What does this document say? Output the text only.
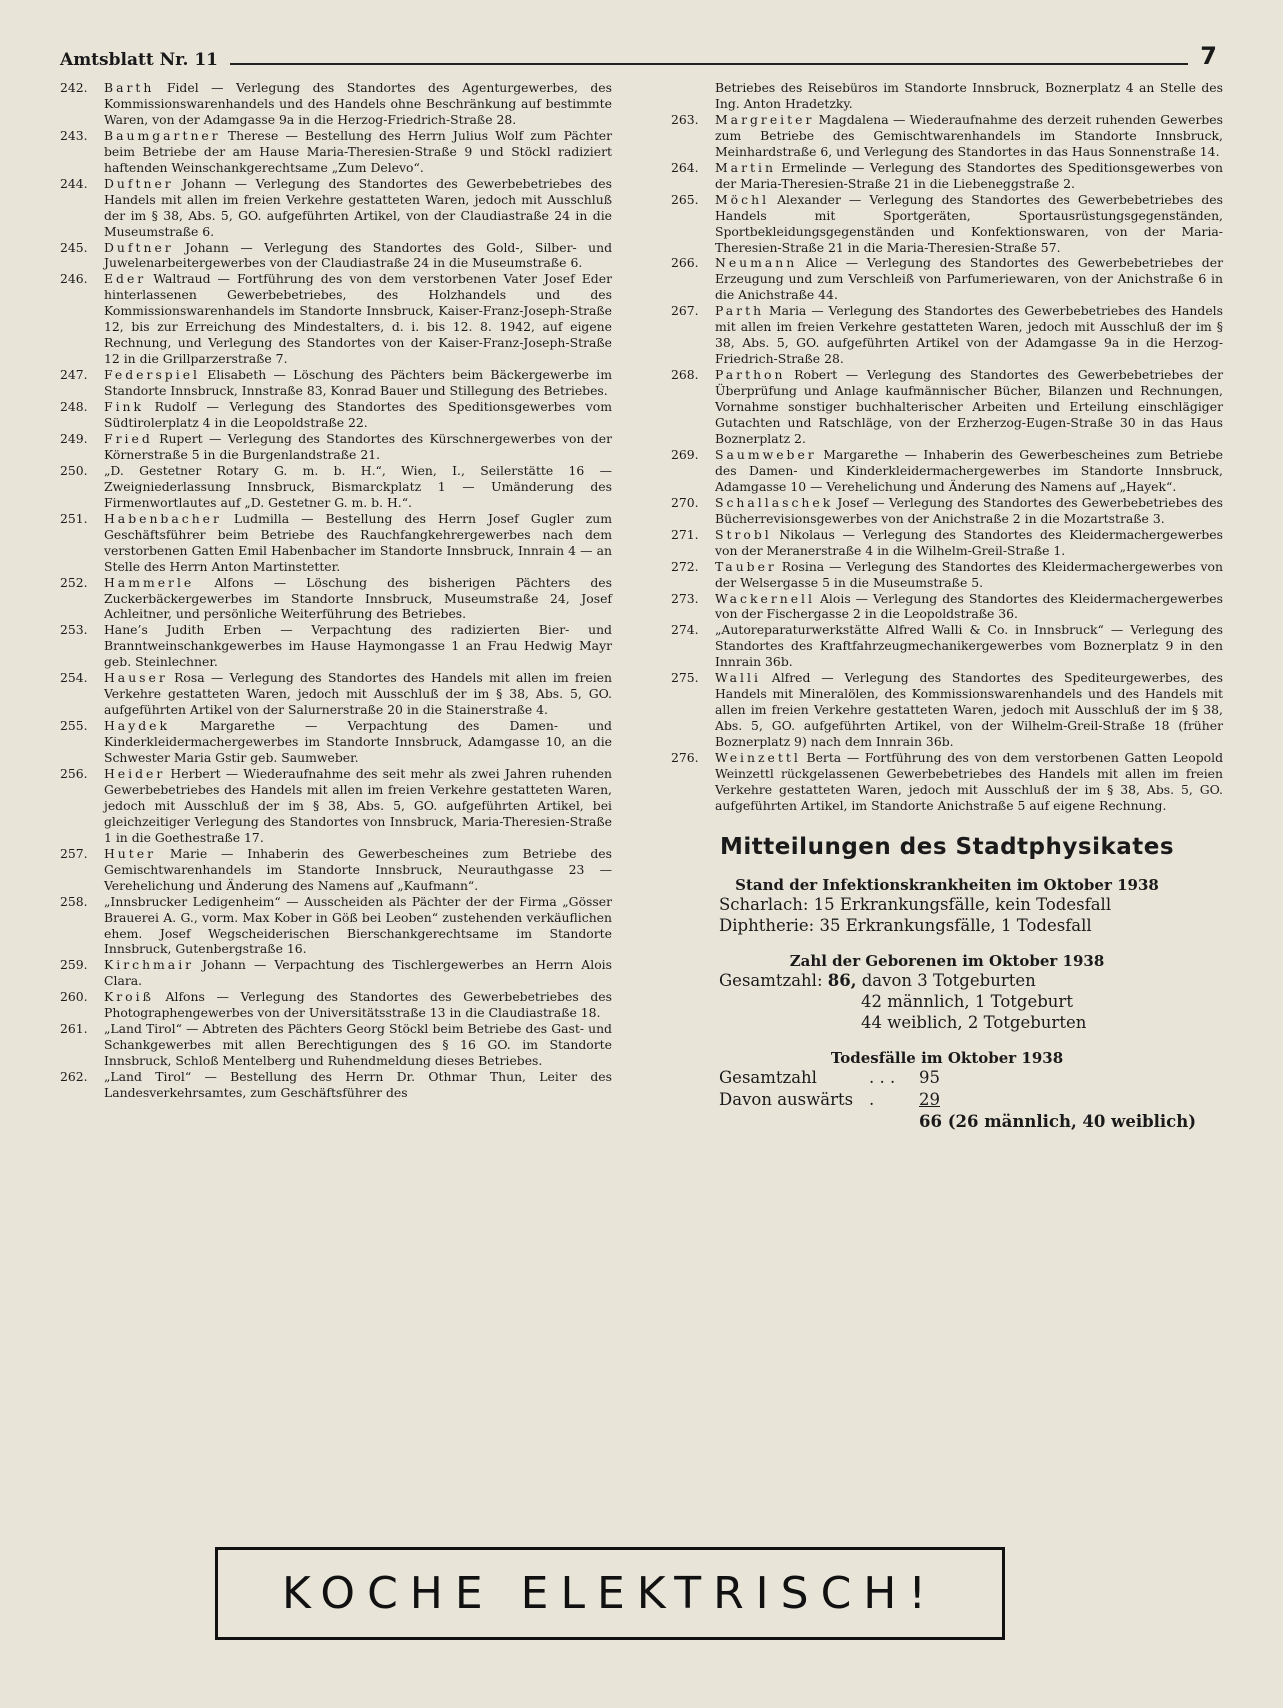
Amtsblatt Nr. 11	7
242.	Barth Fidel — Verlegung des Standortes des Agenturgewerbes, des Kommissionswarenhandels und des Handels ohne Beschränkung auf bestimmte Waren, von der Adamgasse 9a in die Herzog-Friedrich-Straße 28.
243.	Baumgartner Therese — Bestellung des Herrn Julius Wolf zum Pächter beim Betriebe der am Hause Maria-Theresien-Straße 9 und Stöckl radiziert haftenden Weinschankgerechtsame „Zum Delevo“.
244.	Duftner Johann — Verlegung des Standortes des Gewerbebetriebes des Handels mit allen im freien Verkehre gestatteten Waren, jedoch mit Ausschluß der im § 38, Abs. 5, GO. aufgeführten Artikel, von der Claudiastraße 24 in die Museumstraße 6.
245.	Duftner Johann — Verlegung des Standortes des Gold-, Silber- und Juwelenarbeitergewerbes von der Claudiastraße 24 in die Museumstraße 6.
246.	Eder Waltraud — Fortführung des von dem verstorbenen Vater Josef Eder hinterlassenen Gewerbebetriebes, des Holzhandels und des Kommissionswarenhandels im Standorte Innsbruck, Kaiser-Franz-Joseph-Straße 12, bis zur Erreichung des Mindestalters, d. i. bis 12. 8. 1942, auf eigene Rechnung, und Verlegung des Standortes von der Kaiser-Franz-Joseph-Straße 12 in die Grillparzerstraße 7.
247.	Federspiel Elisabeth — Löschung des Pächters beim Bäckergewerbe im Standorte Innsbruck, Innstraße 83, Konrad Bauer und Stillegung des Betriebes.
248.	Fink Rudolf — Verlegung des Standortes des Speditionsgewerbes vom Südtirolerplatz 4 in die Leopoldstraße 22.
249.	Fried Rupert — Verlegung des Standortes des Kürschnergewerbes von der Körnerstraße 5 in die Burgenlandstraße 21.
250.	„D. Gestetner Rotary G. m. b. H.“, Wien, I., Seilerstätte 16 — Zweigniederlassung Innsbruck, Bismarckplatz 1 — Umänderung des Firmenwortlautes auf „D. Gestetner G. m. b. H.“.
251.	Habenbacher Ludmilla — Bestellung des Herrn Josef Gugler zum Geschäftsführer beim Betriebe des Rauchfangkehrergewerbes nach dem verstorbenen Gatten Emil Habenbacher im Standorte Innsbruck, Innrain 4 — an Stelle des Herrn Anton Martinstetter.
252.	Hammerle Alfons — Löschung des bisherigen Pächters des Zuckerbäckergewerbes im Standorte Innsbruck, Museumstraße 24, Josef Achleitner, und persönliche Weiterführung des Betriebes.
253.	Hane’s Judith Erben — Verpachtung des radizierten Bier- und Branntweinschankgewerbes im Hause Haymongasse 1 an Frau Hedwig Mayr geb. Steinlechner.
254.	Hauser Rosa — Verlegung des Standortes des Handels mit allen im freien Verkehre gestatteten Waren, jedoch mit Ausschluß der im § 38, Abs. 5, GO. aufgeführten Artikel von der Salurnerstraße 20 in die Stainerstraße 4.
255.	Haydek Margarethe — Verpachtung des Damen- und Kinderkleidermachergewerbes im Standorte Innsbruck, Adamgasse 10, an die Schwester Maria Gstir geb. Saumweber.
256.	Heider Herbert — Wiederaufnahme des seit mehr als zwei Jahren ruhenden Gewerbebetriebes des Handels mit allen im freien Verkehre gestatteten Waren, jedoch mit Ausschluß der im § 38, Abs. 5, GO. aufgeführten Artikel, bei gleichzeitiger Verlegung des Standortes von Innsbruck, Maria-Theresien-Straße 1 in die Goethestraße 17.
257.	Huter Marie — Inhaberin des Gewerbescheines zum Betriebe des Gemischtwarenhandels im Standorte Innsbruck, Neurauthgasse 23 — Verehelichung und Änderung des Namens auf „Kaufmann“.
258.	„Innsbrucker Ledigenheim“ — Ausscheiden als Pächter der der Firma „Gösser Brauerei A. G., vorm. Max Kober in Göß bei Leoben“ zustehenden verkäuflichen ehem. Josef Wegscheiderischen Bierschankgerechtsame im Standorte Innsbruck, Gutenbergstraße 16.
259.	Kirchmair Johann — Verpachtung des Tischlergewerbes an Herrn Alois Clara.
260.	Kroiß Alfons — Verlegung des Standortes des Gewerbebetriebes des Photographengewerbes von der Universitätsstraße 13 in die Claudiastraße 18.
261.	„Land Tirol“ — Abtreten des Pächters Georg Stöckl beim Betriebe des Gast- und Schankgewerbes mit allen Berechtigungen des § 16 GO. im Standorte Innsbruck, Schloß Mentelberg und Ruhendmeldung dieses Betriebes.
262.	„Land Tirol“ — Bestellung des Herrn Dr. Othmar Thun, Leiter des Landesverkehrsamtes, zum Geschäftsführer des
Betriebes des Reisebüros im Standorte Innsbruck, Boznerplatz 4 an Stelle des Ing. Anton Hradetzky.
263.	Margreiter Magdalena — Wiederaufnahme des derzeit ruhenden Gewerbes zum Betriebe des Gemischtwarenhandels im Standorte Innsbruck, Meinhardstraße 6, und Verlegung des Standortes in das Haus Sonnenstraße 14.
264.	Martin Ermelinde — Verlegung des Standortes des Speditionsgewerbes von der Maria-Theresien-Straße 21 in die Liebeneggstraße 2.
265.	Möchl Alexander — Verlegung des Standortes des Gewerbebetriebes des Handels mit Sportgeräten, Sportausrüstungsgegenständen, Sportbekleidungsgegenständen und Konfektionswaren, von der Maria-Theresien-Straße 21 in die Maria-Theresien-Straße 57.
266.	Neumann Alice — Verlegung des Standortes des Gewerbebetriebes der Erzeugung und zum Verschleiß von Parfumeriewaren, von der Anichstraße 6 in die Anichstraße 44.
267.	Parth Maria — Verlegung des Standortes des Gewerbebetriebes des Handels mit allen im freien Verkehre gestatteten Waren, jedoch mit Ausschluß der im § 38, Abs. 5, GO. aufgeführten Artikel von der Adamgasse 9a in die Herzog-Friedrich-Straße 28.
268.	Parthon Robert — Verlegung des Standortes des Gewerbebetriebes der Überprüfung und Anlage kaufmännischer Bücher, Bilanzen und Rechnungen, Vornahme sonstiger buchhalterischer Arbeiten und Erteilung einschlägiger Gutachten und Ratschläge, von der Erzherzog-Eugen-Straße 30 in das Haus Boznerplatz 2.
269.	Saumweber Margarethe — Inhaberin des Gewerbescheines zum Betriebe des Damen- und Kinderkleidermachergewerbes im Standorte Innsbruck, Adamgasse 10 — Verehelichung und Änderung des Namens auf „Hayek“.
270.	Schallaschek Josef — Verlegung des Standortes des Gewerbebetriebes des Bücherrevisionsgewerbes von der Anichstraße 2 in die Mozartstraße 3.
271.	Strobl Nikolaus — Verlegung des Standortes des Kleidermachergewerbes von der Meranerstraße 4 in die Wilhelm-Greil-Straße 1.
272.	Tauber Rosina — Verlegung des Standortes des Kleidermachergewerbes von der Welsergasse 5 in die Museumstraße 5.
273.	Wackernell Alois — Verlegung des Standortes des Kleidermachergewerbes von der Fischergasse 2 in die Leopoldstraße 36.
274.	„Autoreparaturwerkstätte Alfred Walli & Co. in Innsbruck“ — Verlegung des Standortes des Kraftfahrzeugmechanikergewerbes vom Boznerplatz 9 in den Innrain 36b.
275.	Walli Alfred — Verlegung des Standortes des Spediteurgewerbes, des Handels mit Mineralölen, des Kommissionswarenhandels und des Handels mit allen im freien Verkehre gestatteten Waren, jedoch mit Ausschluß der im § 38, Abs. 5, GO. aufgeführten Artikel, von der Wilhelm-Greil-Straße 18 (früher Boznerplatz 9) nach dem Innrain 36b.
276.	Weinzettl Berta — Fortführung des von dem verstorbenen Gatten Leopold Weinzettl rückgelassenen Gewerbebetriebes des Handels mit allen im freien Verkehre gestatteten Waren, jedoch mit Ausschluß der im § 38, Abs. 5, GO. aufgeführten Artikel, im Standorte Anichstraße 5 auf eigene Rechnung.
Mitteilungen des Stadtphysikates
Stand der Infektionskrankheiten im Oktober 1938
Scharlach: 15 Erkrankungsfälle, kein Todesfall
Diphtherie: 35 Erkrankungsfälle, 1 Todesfall
Zahl der Geborenen im Oktober 1938
Gesamtzahl: 86, davon 3 Totgeburten
42 männlich, 1 Totgeburt
44 weiblich, 2 Totgeburten
Todesfälle im Oktober 1938
Gesamtzahl	. . .	95
Davon auswärts .	29
66 (26 männlich, 40 weiblich)
KOCHE ELEKTRISCH!
